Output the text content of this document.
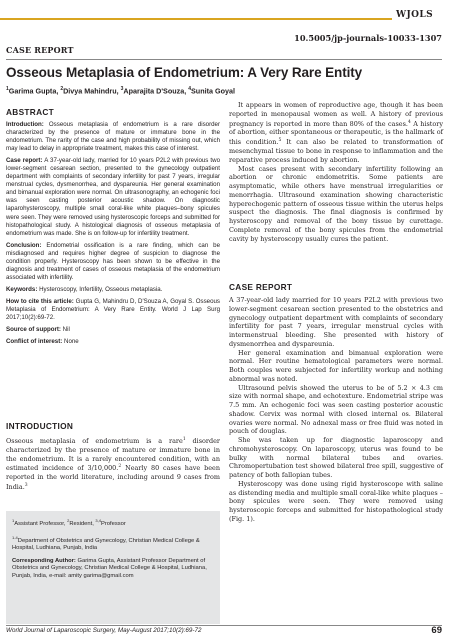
WJOLS
10.5005/jp-journals-10033-1307
CASE REPORT
Osseous Metaplasia of Endometrium: A Very Rare Entity
$^1$Garima Gupta, $^2$Divya Mahindru, $^3$Aparajita D'Souza, $^4$Sunita Goyal
ABSTRACT

Introduction: Osseous metaplasia of endometrium is a rare disorder characterized by the presence of mature or immature bone in the endometrium. The rarity of the case and high probability of missing out, which may lead to delay in appropriate treatment, makes this case of interest.

Case report: A 37-year-old lady, married for 10 years P2L2 with previous two lower-segment cesarean section, presented to the gynecology outpatient department with complaints of secondary infertility for past 7 years, irregular menstrual cycles, dysmenorrhea, and dyspareunia. Her general examination and bimanual exploration were normal. On ultrasonography, an echogenic foci was seen casting posterior acoustic shadow. On diagnostic laparohysteroscopy, multiple small coral-like white plaques–bony spicules were seen. They were removed using hysteroscopic forceps and submitted for histopathological study. A histological diagnosis of osseous metaplasia of endometrium was made. She is on follow-up for infertility treatment.

Conclusion: Endometrial ossification is a rare finding, which can be misdiagnosed and requires higher degree of suspicion to diagnose the condition properly. Hysteroscopy has been shown to be effective in the diagnosis and treatment of cases of osseous metaplasia of the endometrium associated with infertility.

Keywords: Hysteroscopy, Infertility, Osseous metaplasia.

How to cite this article: Gupta G, Mahindru D, D'Souza A, Goyal S. Osseous Metaplasia of Endometrium: A Very Rare Entity. World J Lap Surg 2017;10(2):69-72.

Source of support: Nil

Conflict of interest: None

INTRODUCTION

Osseous metaplasia of endometrium is a rare$^1$ disorder characterized by the presence of mature or immature bone in the endometrium. It is a rarely encountered condition, with an estimated incidence of 3/10,000.$^2$ Nearly 80 cases have been reported in the world literature, including around 9 cases from India.$^3$

$^1$Assistant Professor, $^2$Resident, $^{3,4}$Professor

$^{1-4}$Department of Obstetrics and Gynecology, Christian Medical College & Hospital, Ludhiana, Punjab, India

Corresponding Author: Garima Gupta, Assistant Professor Department of Obstetrics and Gynecology, Christian Medical College & Hospital, Ludhiana, Punjab, India, e-mail: amity garima@gmail.com

It appears in women of reproductive age, though it has been reported in menopausal women as well. A history of previous pregnancy is reported in more than 80% of the cases.$^4$ A history of abortion, either spontaneous or therapeutic, is the hallmark of this condition.$^5$ It can also be related to transformation of mesenchymal tissue to bone in response to inflammation and the reparative process induced by abortion.

Most cases present with secondary infertility following an abortion or chronic endometritis. Some patients are asymptomatic, while others have menstrual irregularities or menorrhagia. Ultrasound examination showing characteristic hyperechogenic pattern of osseous tissue within the uterus helps suspect the diagnosis. The final diagnosis is confirmed by hysteroscopy and removal of the bony tissue by curettage. Complete removal of the bony spicules from the endometrial cavity by hysteroscopy usually cures the patient.

CASE REPORT

A 37-year-old lady married for 10 years P2L2 with previous two lower-segment cesarean section presented to the obstetrics and gynecology outpatient department with complaints of secondary infertility for past 7 years, irregular menstrual cycles with intermenstrual bleeding. She presented with history of dysmenorrhea and dyspareunia.

Her general examination and bimanual exploration were normal. Her routine hematological parameters were normal. Both couples were subjected for infertility workup and nothing abnormal was noted.

Ultrasound pelvis showed the uterus to be of 5.2 × 4.3 cm size with normal shape, and echotexture. Endometrial stripe was 7.5 mm. An echogenic foci was seen casting posterior acoustic shadow. Cervix was normal with closed internal os. Bilateral ovaries were normal. No adnexal mass or free fluid was noted in pouch of douglas.

She was taken up for diagnostic laparoscopy and chromohysteroscopy. On laparoscopy, uterus was found to be bulky with normal bilateral tubes and ovaries. Chromopertubation test showed bilateral free spill, suggestive of patency of both fallopian tubes.

Hysteroscopy was done using rigid hysteroscope with saline as distending media and multiple small coral-like white plaques – bony spicules were seen. They were removed using hysteroscopic forceps and submitted for histopathological study (Fig. 1).

World Journal of Laparoscopic Surgery, May-August 2017;10(2):69-72	69
